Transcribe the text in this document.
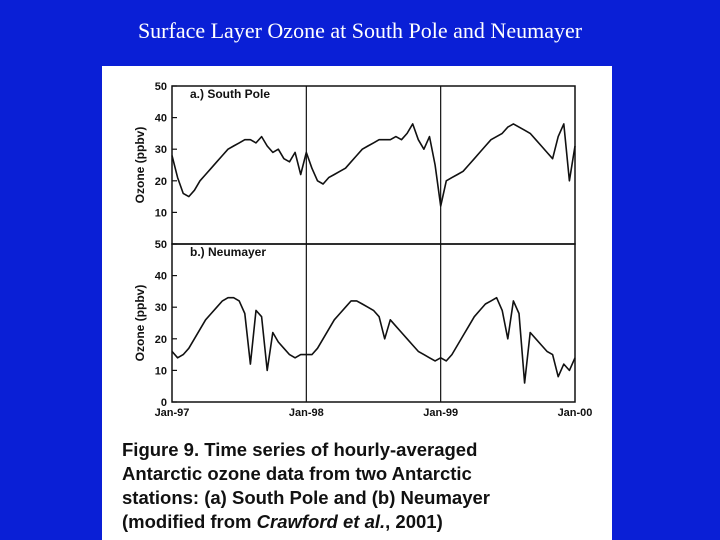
Surface Layer Ozone at South Pole and Neumayer
10
20
30
40
50
Ozone (ppbv)
a.) South Pole
0
10
20
30
40
50
Ozone (ppbv)
b.) Neumayer
Jan-97	Jan-98	Jan-99	Jan-00
Figure 9. Time series of hourly-averaged
Antarctic ozone data from two Antarctic
stations: (a) South Pole and (b) Neumayer
(modified from Crawford et al., 2001)
